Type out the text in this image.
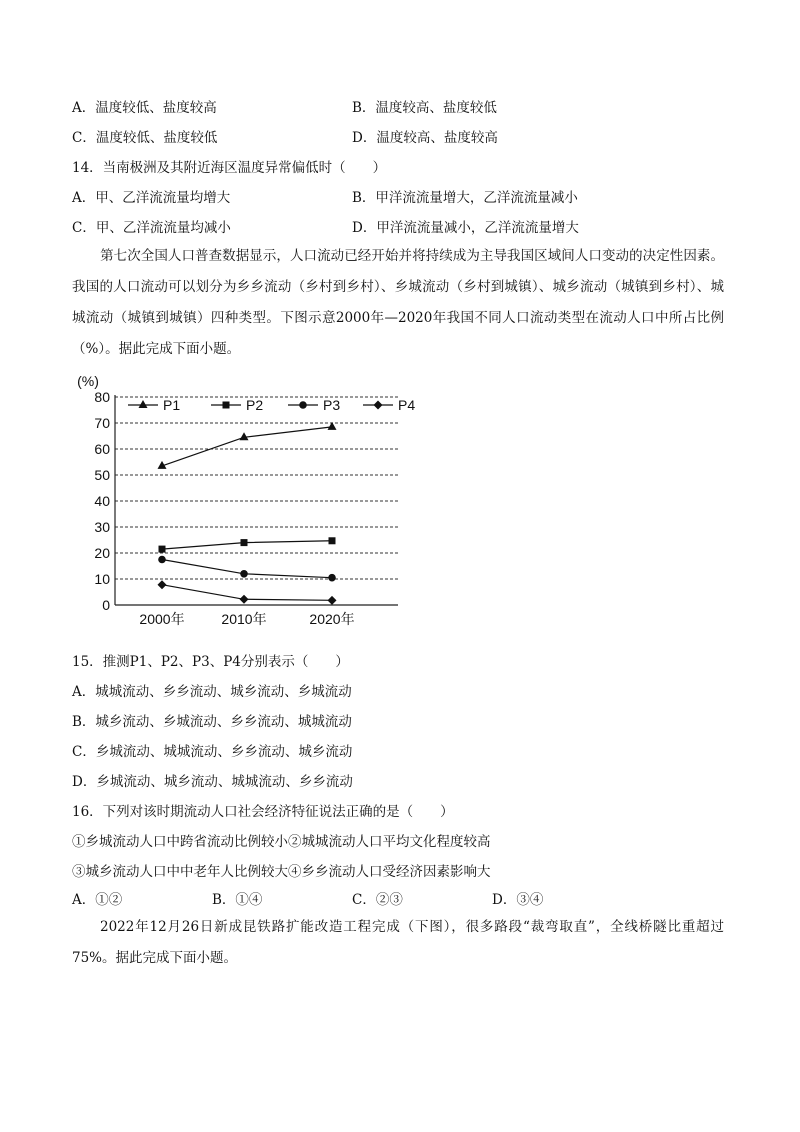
A．温度较低、盐度较高	B．温度较高、盐度较低
C．温度较低、盐度较低	D．温度较高、盐度较高
14．当南极洲及其附近海区温度异常偏低时（　　）
A．甲、乙洋流流量均增大	B．甲洋流流量增大，乙洋流流量减小
C．甲、乙洋流流量均减小	D．甲洋流流量减小，乙洋流流量增大
第七次全国人口普查数据显示，人口流动已经开始并将持续成为主导我国区域间人口变动的决定性因素。我国的人口流动可以划分为乡乡流动（乡村到乡村）、乡城流动（乡村到城镇）、城乡流动（城镇到乡村）、城城流动（城镇到城镇）四种类型。下图示意2000年—2020年我国不同人口流动类型在流动人口中所占比例（%）。据此完成下面小题。
(%)
0
10
20
30
40
50
60
70
80
2000年	2010年	2020年
P1	P2	P3	P4
15．推测P1、P2、P3、P4分别表示（　　）
A．城城流动、乡乡流动、城乡流动、乡城流动
B．城乡流动、乡城流动、乡乡流动、城城流动
C．乡城流动、城城流动、乡乡流动、城乡流动
D．乡城流动、城乡流动、城城流动、乡乡流动
16．下列对该时期流动人口社会经济特征说法正确的是（　　）
①乡城流动人口中跨省流动比例较小②城城流动人口平均文化程度较高
③城乡流动人口中中老年人比例较大④乡乡流动人口受经济因素影响大
A．①②	B．①④	C．②③	D．③④
2022年12月26日新成昆铁路扩能改造工程完成（下图），很多路段“裁弯取直”，全线桥隧比重超过75%。据此完成下面小题。
